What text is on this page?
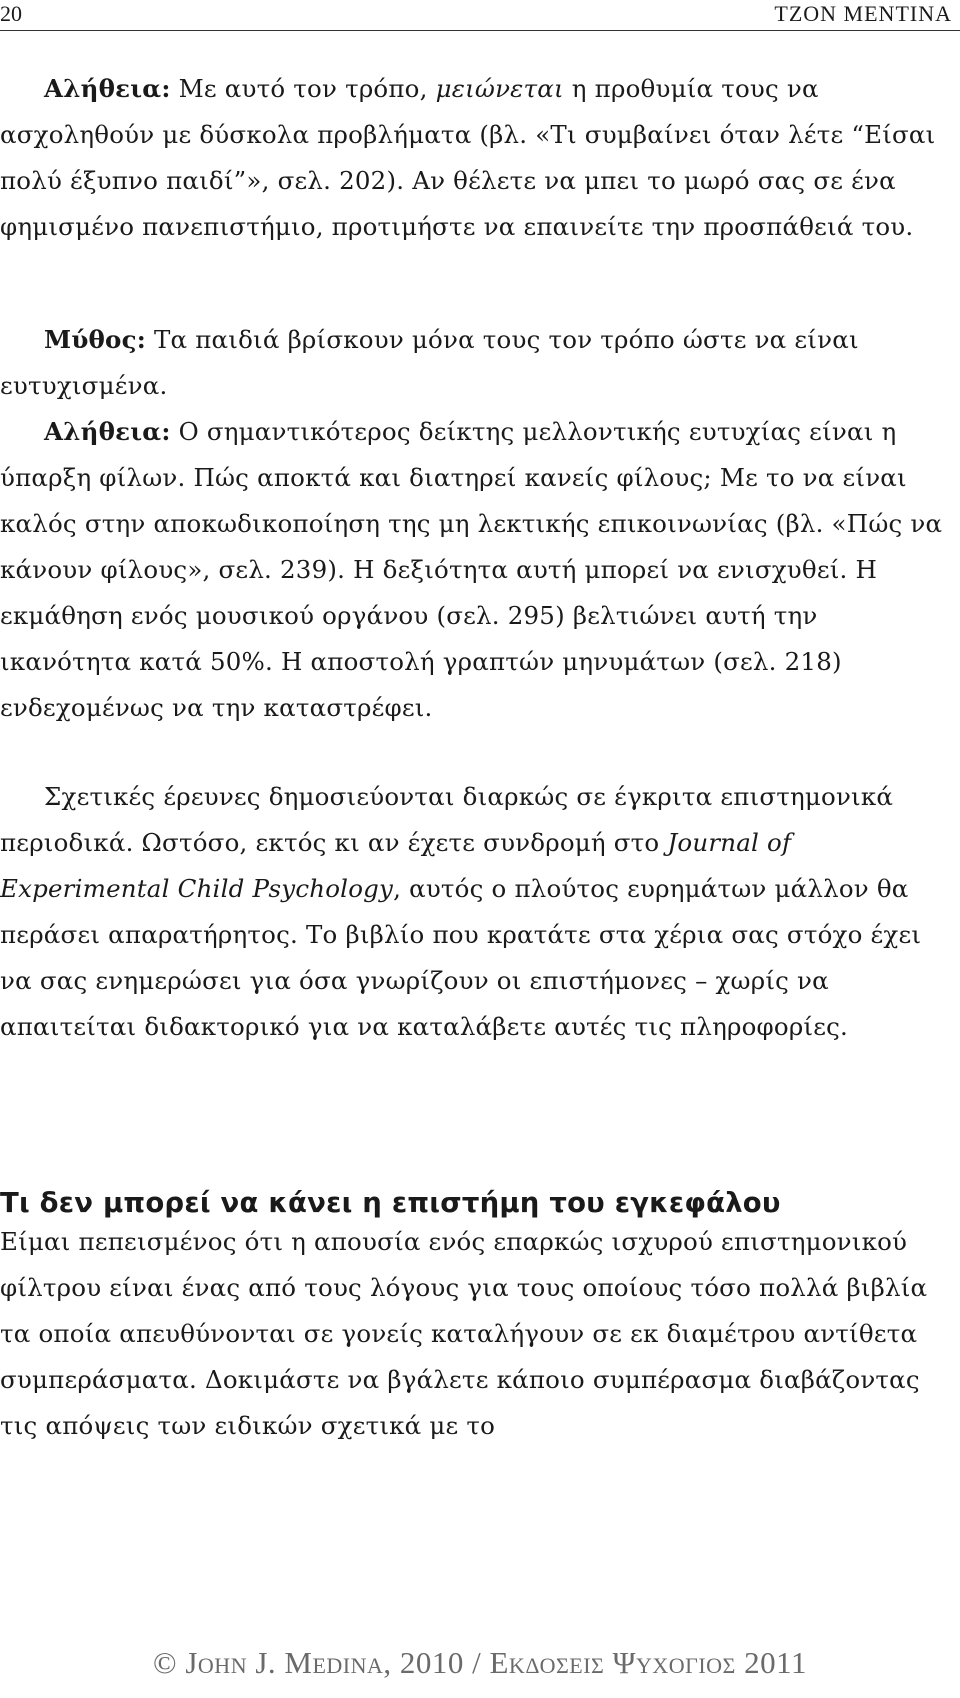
20	ΤΖΟΝ ΜΕΝΤΙΝΑ

Αλήθεια: Με αυτό τον τρόπο, μειώνεται η προθυμία τους να ασχοληθούν με δύσκολα προβλήματα (βλ. «Τι συμβαίνει όταν λέτε “Είσαι πολύ έξυπνο παιδί”», σελ. 202). Αν θέλετε να μπει το μωρό σας σε ένα φημισμένο πανεπιστήμιο, προτιμήστε να επαινείτε την προσπάθειά του.

Μύθος: Τα παιδιά βρίσκουν μόνα τους τον τρόπο ώστε να είναι ευτυχισμένα.

Αλήθεια: Ο σημαντικότερος δείκτης μελλοντικής ευτυχίας είναι η ύπαρξη φίλων. Πώς αποκτά και διατηρεί κανείς φίλους; Με το να είναι καλός στην αποκωδικοποίηση της μη λεκτικής επικοινωνίας (βλ. «Πώς να κάνουν φίλους», σελ. 239). Η δεξιότητα αυτή μπορεί να ενισχυθεί. Η εκμάθηση ενός μουσικού οργάνου (σελ. 295) βελτιώνει αυτή την ικανότητα κατά 50%. Η αποστολή γραπτών μηνυμάτων (σελ. 218) ενδεχομένως να την καταστρέφει.

Σχετικές έρευνες δημοσιεύονται διαρκώς σε έγκριτα επιστημονικά περιοδικά. Ωστόσο, εκτός κι αν έχετε συνδρομή στο Journal of Experimental Child Psychology, αυτός ο πλούτος ευρημάτων μάλλον θα περάσει απαρατήρητος. Το βιβλίο που κρατάτε στα χέρια σας στόχο έχει να σας ενημερώσει για όσα γνωρίζουν οι επιστήμονες – χωρίς να απαιτείται διδακτορικό για να καταλάβετε αυτές τις πληροφορίες.

Τι δεν μπορεί να κάνει η επιστήμη του εγκεφάλου

Είμαι πεπεισμένος ότι η απουσία ενός επαρκώς ισχυρού επιστημονικού φίλτρου είναι ένας από τους λόγους για τους οποίους τόσο πολλά βιβλία τα οποία απευθύνονται σε γονείς καταλήγουν σε εκ διαμέτρου αντίθετα συμπεράσματα. Δοκιμάστε να βγάλετε κάποιο συμπέρασμα διαβάζοντας τις απόψεις των ειδικών σχετικά με το

© John J. Medina, 2010 / Εκδοσεις Ψυχογιος 2011
